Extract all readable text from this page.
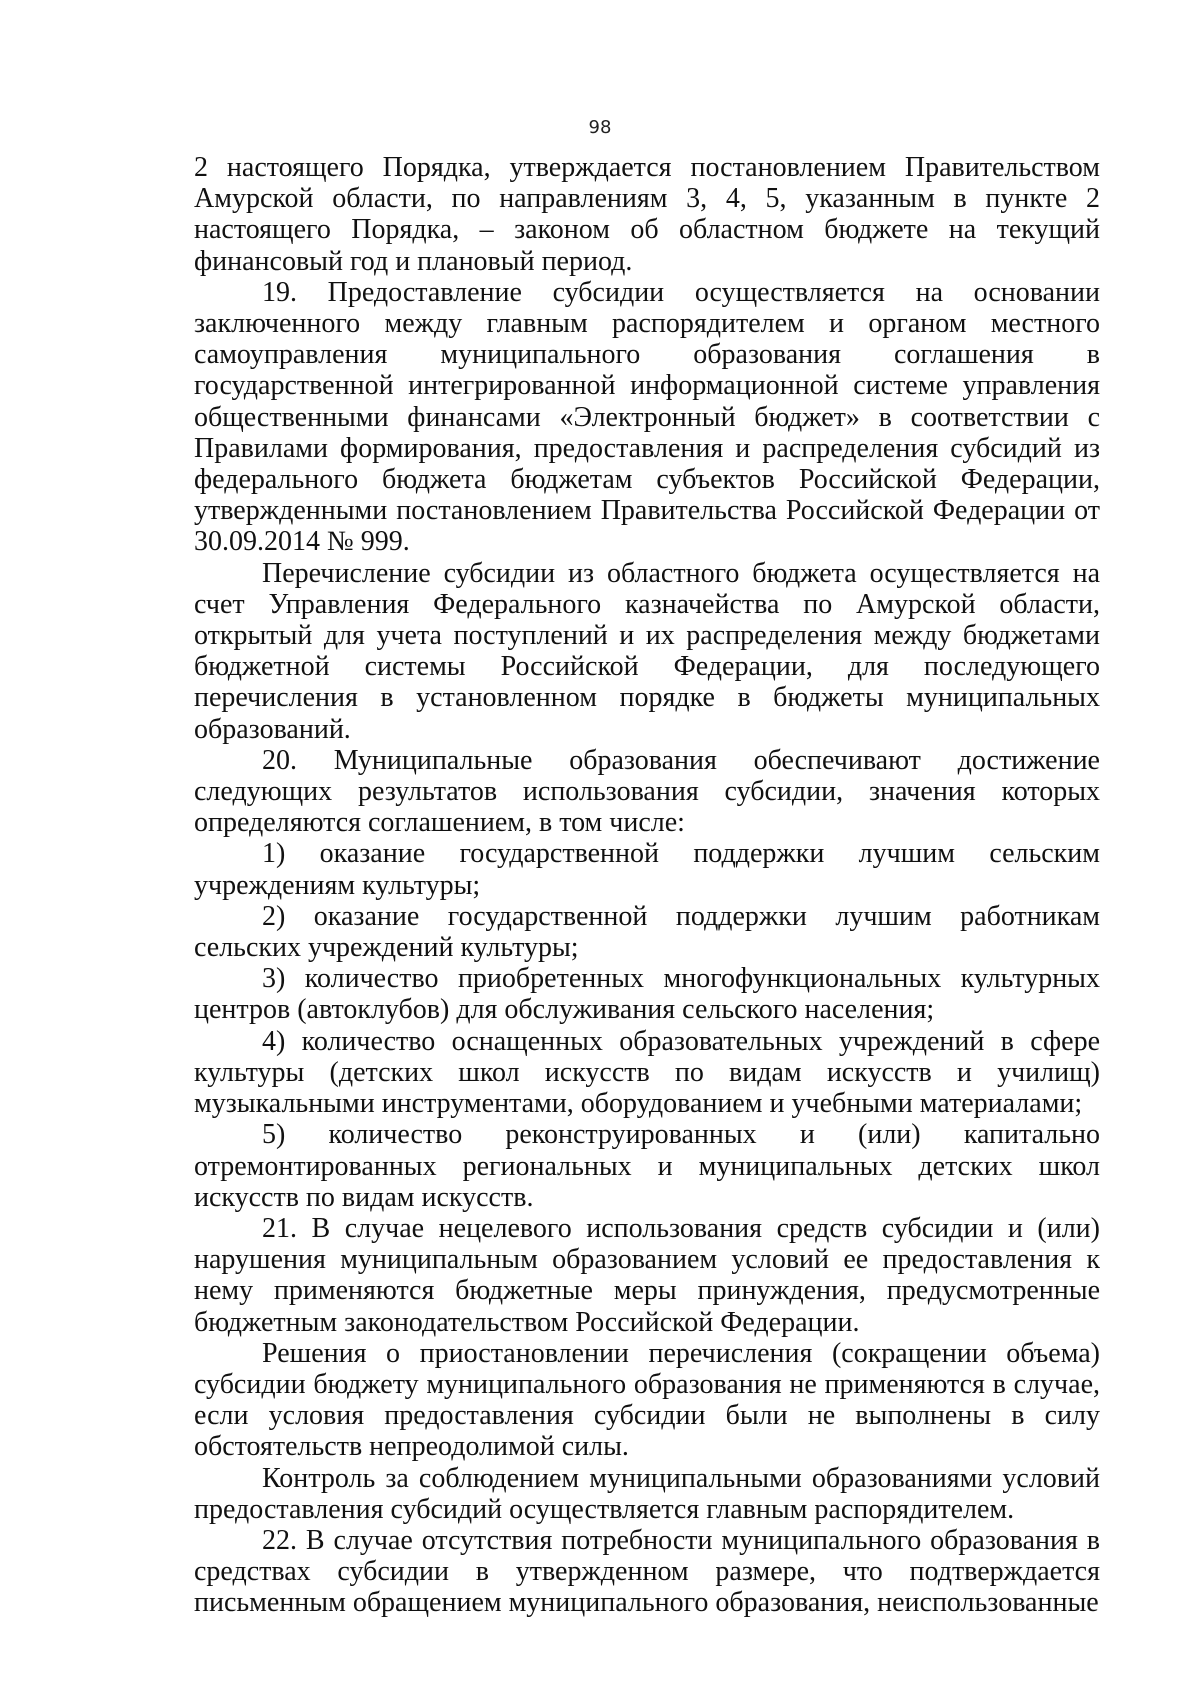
98

2 настоящего Порядка, утверждается постановлением Правительством Амурской области, по направлениям 3, 4, 5, указанным в пункте 2 настоящего Порядка, – законом об областном бюджете на текущий финансовый год и плановый период.

19. Предоставление субсидии осуществляется на основании заключенного между главным распорядителем и органом местного самоуправления муниципального образования соглашения в государственной интегрированной информационной системе управления общественными финансами «Электронный бюджет» в соответствии с Правилами формирования, предоставления и распределения субсидий из федерального бюджета бюджетам субъектов Российской Федерации, утвержденными постановлением Правительства Российской Федерации от 30.09.2014 № 999.

Перечисление субсидии из областного бюджета осуществляется на счет Управления Федерального казначейства по Амурской области, открытый для учета поступлений и их распределения между бюджетами бюджетной системы Российской Федерации, для последующего перечисления в установленном порядке в бюджеты муниципальных образований.

20. Муниципальные образования обеспечивают достижение следующих результатов использования субсидии, значения которых определяются соглашением, в том числе:

1) оказание государственной поддержки лучшим сельским учреждениям культуры;

2) оказание государственной поддержки лучшим работникам сельских учреждений культуры;

3) количество приобретенных многофункциональных культурных центров (автоклубов) для обслуживания сельского населения;

4) количество оснащенных образовательных учреждений в сфере культуры (детских школ искусств по видам искусств и училищ) музыкальными инструментами, оборудованием и учебными материалами;

5) количество реконструированных и (или) капитально отремонтированных региональных и муниципальных детских школ искусств по видам искусств.

21. В случае нецелевого использования средств субсидии и (или) нарушения муниципальным образованием условий ее предоставления к нему применяются бюджетные меры принуждения, предусмотренные бюджетным законодательством Российской Федерации.

Решения о приостановлении перечисления (сокращении объема) субсидии бюджету муниципального образования не применяются в случае, если условия предоставления субсидии были не выполнены в силу обстоятельств непреодолимой силы.

Контроль за соблюдением муниципальными образованиями условий предоставления субсидий осуществляется главным распорядителем.

22. В случае отсутствия потребности муниципального образования в средствах субсидии в утвержденном размере, что подтверждается письменным обращением муниципального образования, неиспользованные
